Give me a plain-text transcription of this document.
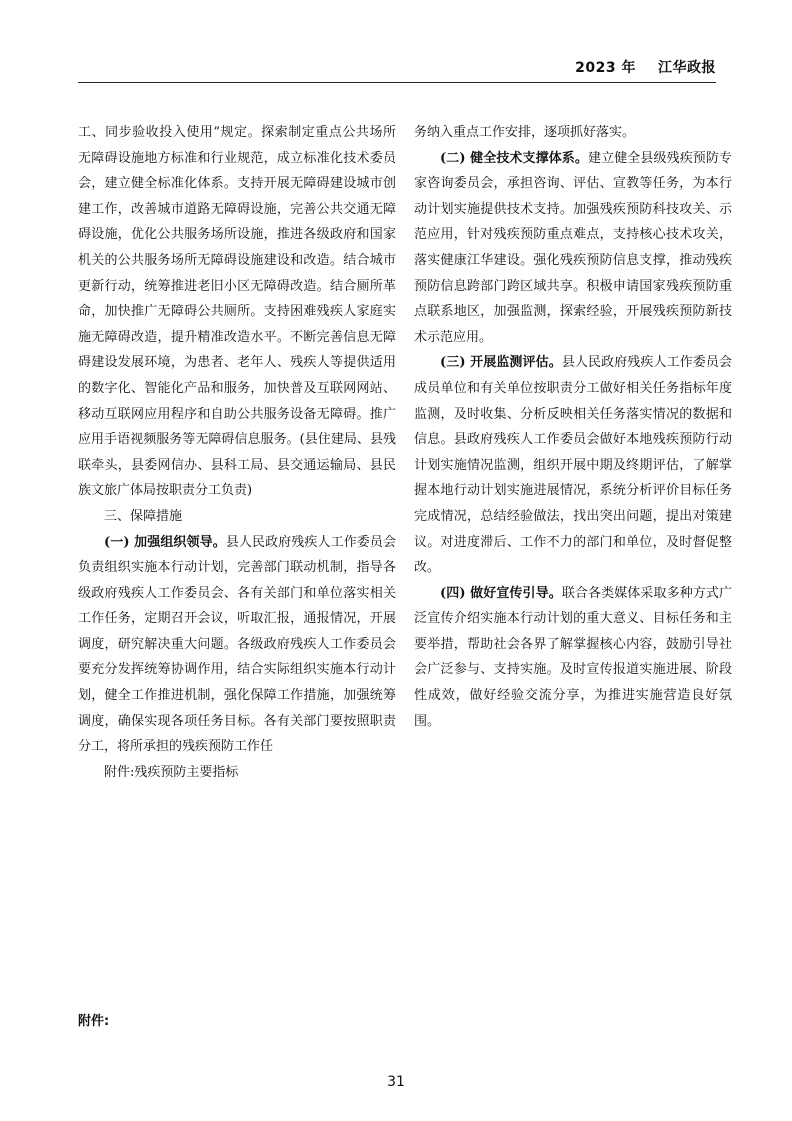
2023 年 江华政报

工、同步验收投入使用”规定。探索制定重点公共场所无障碍设施地方标准和行业规范，成立标准化技术委员会，建立健全标准化体系。支持开展无障碍建设城市创建工作，改善城市道路无障碍设施，完善公共交通无障碍设施，优化公共服务场所设施，推进各级政府和国家机关的公共服务场所无障碍设施建设和改造。结合城市更新行动，统筹推进老旧小区无障碍改造。结合厕所革命，加快推广无障碍公共厕所。支持困难残疾人家庭实施无障碍改造，提升精准改造水平。不断完善信息无障碍建设发展环境，为患者、老年人、残疾人等提供适用的数字化、智能化产品和服务，加快普及互联网网站、移动互联网应用程序和自助公共服务设备无障碍。推广应用手语视频服务等无障碍信息服务。(县住建局、县残联牵头，县委网信办、县科工局、县交通运输局、县民族文旅广体局按职责分工负责)

三、保障措施

(一) 加强组织领导。县人民政府残疾人工作委员会负责组织实施本行动计划，完善部门联动机制，指导各级政府残疾人工作委员会、各有关部门和单位落实相关工作任务，定期召开会议，听取汇报，通报情况，开展调度，研究解决重大问题。各级政府残疾人工作委员会要充分发挥统筹协调作用，结合实际组织实施本行动计划，健全工作推进机制，强化保障工作措施，加强统筹调度，确保实现各项任务目标。各有关部门要按照职责分工，将所承担的残疾预防工作任

附件:残疾预防主要指标

务纳入重点工作安排，逐项抓好落实。

(二) 健全技术支撑体系。建立健全县级残疾预防专家咨询委员会，承担咨询、评估、宣教等任务，为本行动计划实施提供技术支持。加强残疾预防科技攻关、示范应用，针对残疾预防重点难点，支持核心技术攻关，落实健康江华建设。强化残疾预防信息支撑，推动残疾预防信息跨部门跨区域共享。积极申请国家残疾预防重点联系地区，加强监测，探索经验，开展残疾预防新技术示范应用。

(三) 开展监测评估。县人民政府残疾人工作委员会成员单位和有关单位按职责分工做好相关任务指标年度监测，及时收集、分析反映相关任务落实情况的数据和信息。县政府残疾人工作委员会做好本地残疾预防行动计划实施情况监测，组织开展中期及终期评估，了解掌握本地行动计划实施进展情况，系统分析评价目标任务完成情况，总结经验做法，找出突出问题，提出对策建议。对进度滞后、工作不力的部门和单位，及时督促整改。

(四) 做好宣传引导。联合各类媒体采取多种方式广泛宣传介绍实施本行动计划的重大意义、目标任务和主要举措，帮助社会各界了解掌握核心内容，鼓励引导社会广泛参与、支持实施。及时宣传报道实施进展、阶段性成效，做好经验交流分享，为推进实施营造良好氛围。

附件:
31
